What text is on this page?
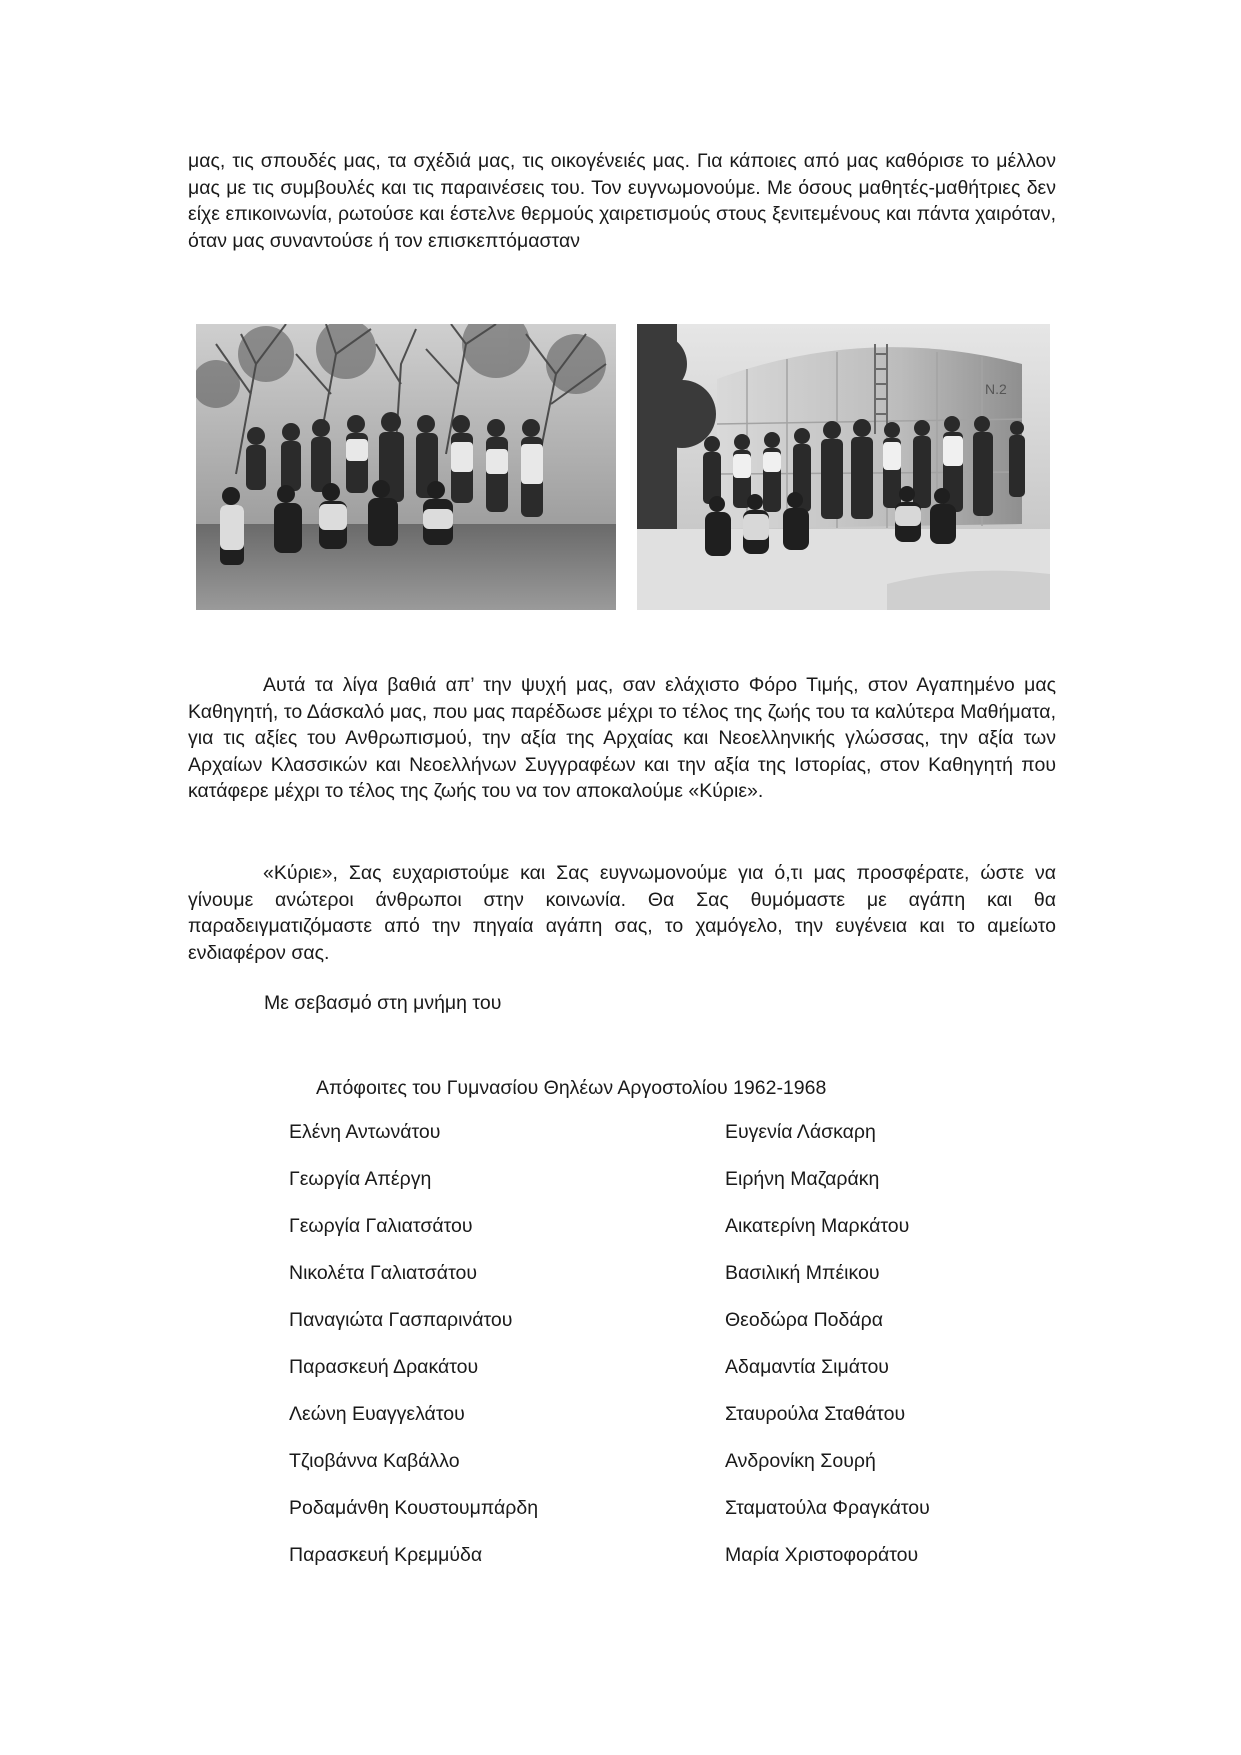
μας, τις σπουδές μας, τα σχέδιά μας, τις οικογένειές μας. Για κάποιες από μας καθόρισε το μέλλον μας με τις συμβουλές και τις παραινέσεις του. Τον ευγνωμονούμε. Με όσους μαθητές-μαθήτριες δεν είχε επικοινωνία, ρωτούσε και έστελνε θερμούς χαιρετισμούς στους ξενιτεμένους και πάντα χαιρόταν, όταν μας συναντούσε ή τον επισκεπτόμασταν

Ν.2

Αυτά τα λίγα βαθιά απ’ την ψυχή μας, σαν ελάχιστο Φόρο Τιμής, στον Αγαπημένο μας Καθηγητή, το Δάσκαλό μας, που μας παρέδωσε μέχρι το τέλος της ζωής του τα καλύτερα Μαθήματα, για τις αξίες του Ανθρωπισμού, την αξία της Αρχαίας και Νεοελληνικής γλώσσας, την αξία των Αρχαίων Κλασσικών και Νεοελλήνων Συγγραφέων και την αξία της Ιστορίας, στον Καθηγητή που κατάφερε μέχρι το τέλος της ζωής του να τον αποκαλούμε «Κύριε».

«Κύριε», Σας ευχαριστούμε και Σας ευγνωμονούμε για ό,τι μας προσφέρατε, ώστε να γίνουμε ανώτεροι άνθρωποι στην κοινωνία. Θα Σας θυμόμαστε με αγάπη και θα παραδειγματιζόμαστε από την πηγαία αγάπη σας, το χαμόγελο, την ευγένεια και το αμείωτο ενδιαφέρον σας.

Με σεβασμό στη μνήμη του

Απόφοιτες του Γυμνασίου Θηλέων Αργοστολίου 1962-1968

Ελένη Αντωνάτου
Γεωργία Απέργη
Γεωργία Γαλιατσάτου
Νικολέτα Γαλιατσάτου
Παναγιώτα Γασπαρινάτου
Παρασκευή Δρακάτου
Λεώνη Ευαγγελάτου
Τζιοβάννα Καβάλλο
Ροδαμάνθη Κουστουμπάρδη
Παρασκευή Κρεμμύδα
Ευγενία Λάσκαρη
Ειρήνη Μαζαράκη
Αικατερίνη Μαρκάτου
Βασιλική Μπέικου
Θεοδώρα Ποδάρα
Αδαμαντία Σιμάτου
Σταυρούλα Σταθάτου
Ανδρονίκη Σουρή
Σταματούλα Φραγκάτου
Μαρία Χριστοφοράτου
